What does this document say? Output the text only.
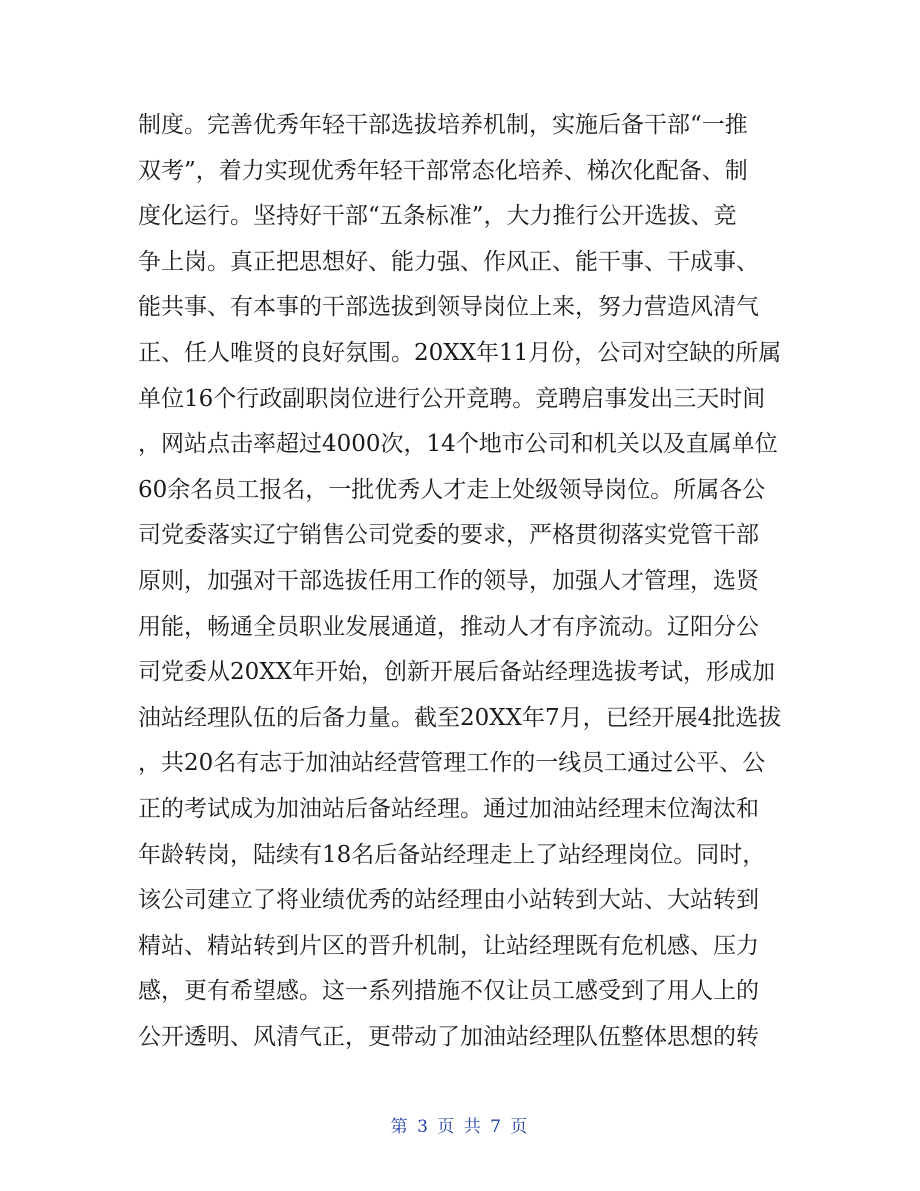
制度。完善优秀年轻干部选拔培养机制，实施后备干部“一推
双考”，着力实现优秀年轻干部常态化培养、梯次化配备、制
度化运行。坚持好干部“五条标准”，大力推行公开选拔、竞
争上岗。真正把思想好、能力强、作风正、能干事、干成事、
能共事、有本事的干部选拔到领导岗位上来，努力营造风清气
正、任人唯贤的良好氛围。20XX年11月份，公司对空缺的所属
单位16个行政副职岗位进行公开竞聘。竞聘启事发出三天时间
，网站点击率超过4000次，14个地市公司和机关以及直属单位
60余名员工报名，一批优秀人才走上处级领导岗位。所属各公
司党委落实辽宁销售公司党委的要求，严格贯彻落实党管干部
原则，加强对干部选拔任用工作的领导，加强人才管理，选贤
用能，畅通全员职业发展通道，推动人才有序流动。辽阳分公
司党委从20XX年开始，创新开展后备站经理选拔考试，形成加
油站经理队伍的后备力量。截至20XX年7月，已经开展4批选拔
，共20名有志于加油站经营管理工作的一线员工通过公平、公
正的考试成为加油站后备站经理。通过加油站经理末位淘汰和
年龄转岗，陆续有18名后备站经理走上了站经理岗位。同时，
该公司建立了将业绩优秀的站经理由小站转到大站、大站转到
精站、精站转到片区的晋升机制，让站经理既有危机感、压力
感，更有希望感。这一系列措施不仅让员工感受到了用人上的
公开透明、风清气正，更带动了加油站经理队伍整体思想的转
第 3 页 共 7 页
